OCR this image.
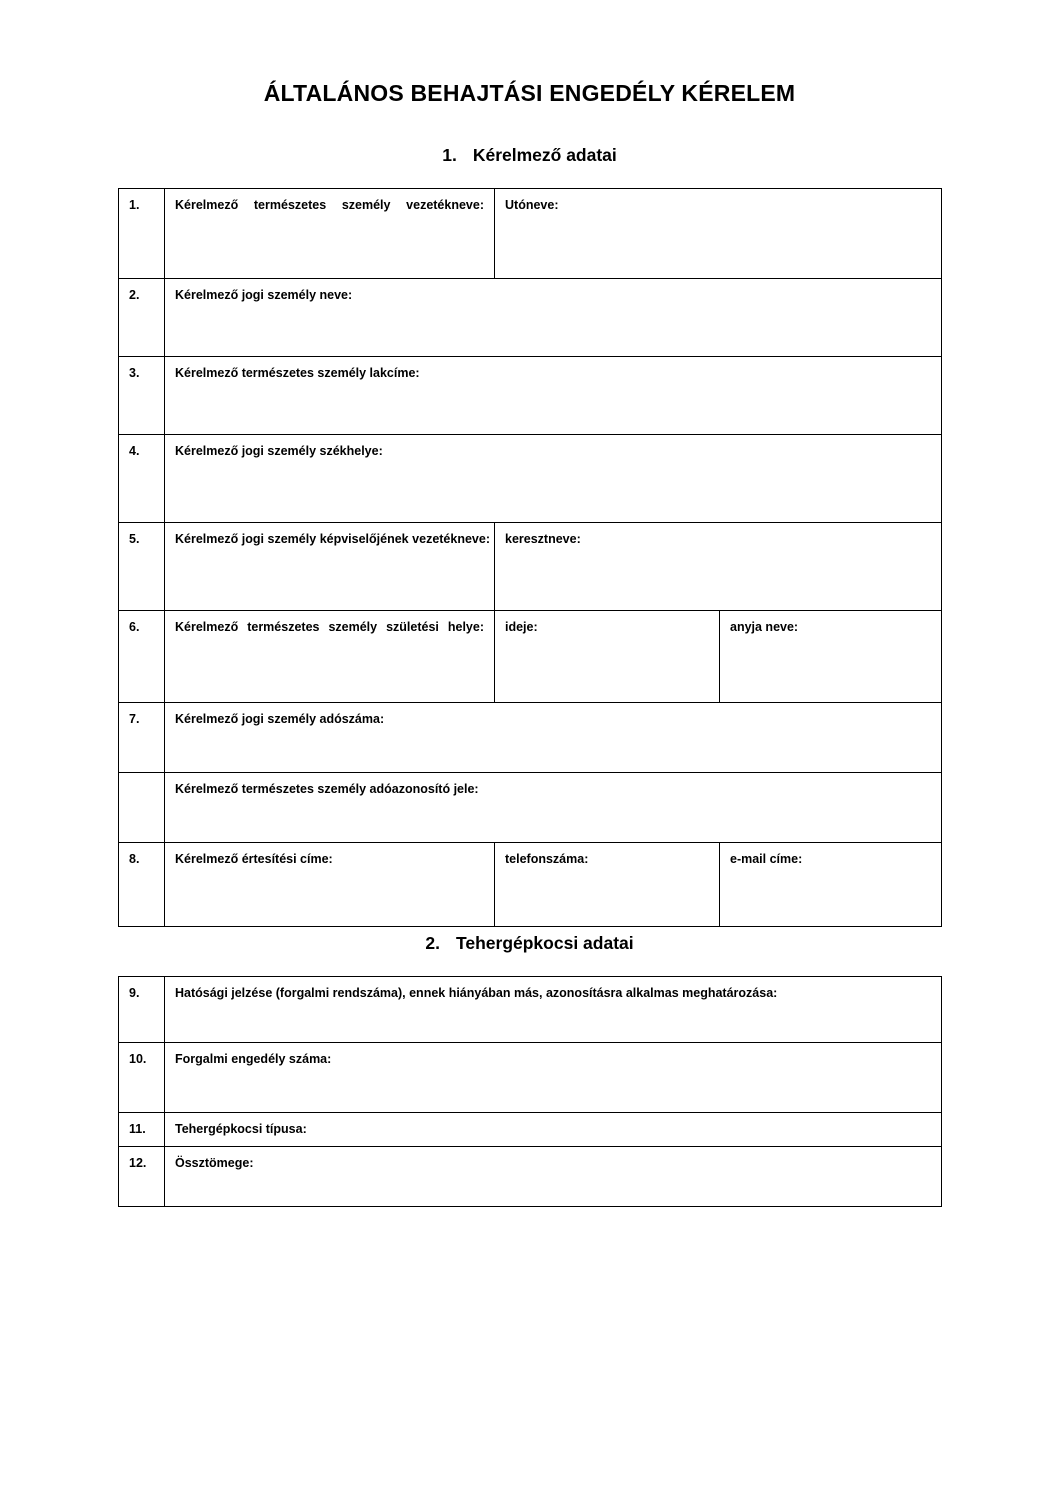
ÁLTALÁNOS BEHAJTÁSI ENGEDÉLY KÉRELEM
1. Kérelmező adatai
1.	Kérelmező természetes személy vezetékneve:	Utóneve:	

2.	Kérelmező jogi személy neve:		

3.	Kérelmező természetes személy lakcíme:		

4.	Kérelmező jogi személy székhelye:		

5.	Kérelmező jogi személy képviselőjének vezetékneve:	keresztneve:	

6.	Kérelmező természetes személy születési helye:	ideje:	anyja neve:

7.	Kérelmező jogi személy adószáma:		

	Kérelmező természetes személy adóazonosító jele:		

8.	Kérelmező értesítési címe:	telefonszáma:	e-mail címe:
2. Tehergépkocsi adatai
9.	Hatósági jelzése (forgalmi rendszáma), ennek hiányában más, azonosításra alkalmas meghatározása:

10.	Forgalmi engedély száma:

11.	Tehergépkocsi típusa:

12.	Össztömege:
